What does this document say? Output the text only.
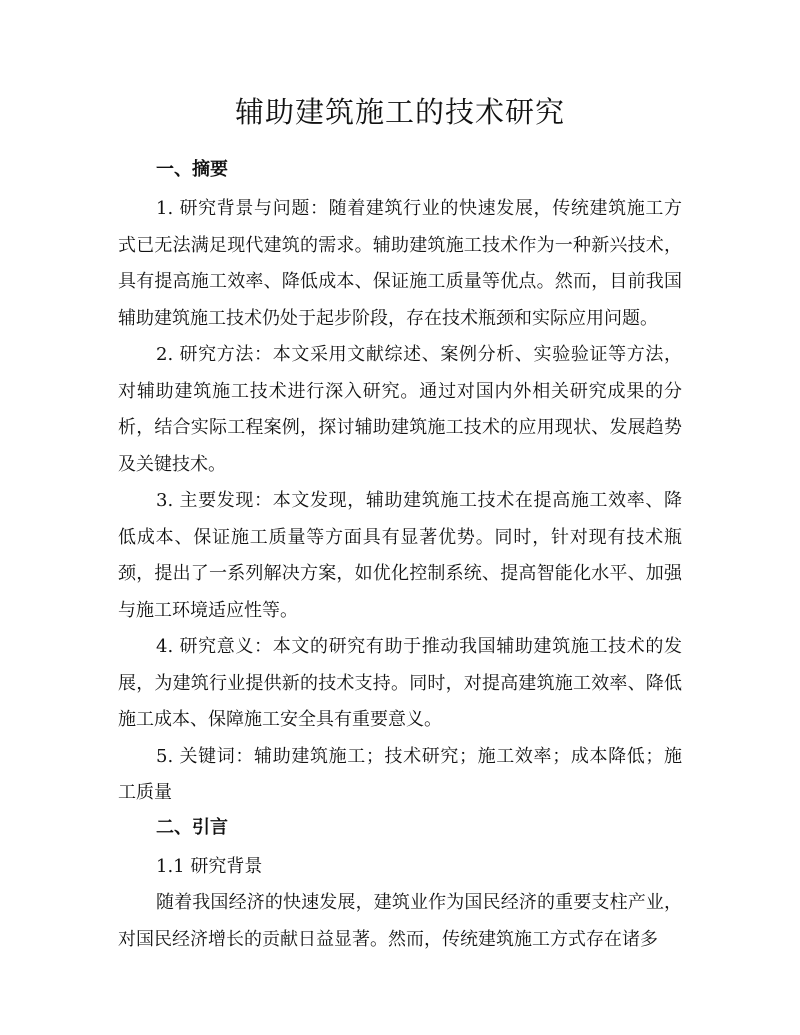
辅助建筑施工的技术研究
一、摘要

1. 研究背景与问题：随着建筑行业的快速发展，传统建筑施工方式已无法满足现代建筑的需求。辅助建筑施工技术作为一种新兴技术，具有提高施工效率、降低成本、保证施工质量等优点。然而，目前我国辅助建筑施工技术仍处于起步阶段，存在技术瓶颈和实际应用问题。

2. 研究方法：本文采用文献综述、案例分析、实验验证等方法，对辅助建筑施工技术进行深入研究。通过对国内外相关研究成果的分析，结合实际工程案例，探讨辅助建筑施工技术的应用现状、发展趋势及关键技术。

3. 主要发现：本文发现，辅助建筑施工技术在提高施工效率、降低成本、保证施工质量等方面具有显著优势。同时，针对现有技术瓶颈，提出了一系列解决方案，如优化控制系统、提高智能化水平、加强与施工环境适应性等。

4. 研究意义：本文的研究有助于推动我国辅助建筑施工技术的发展，为建筑行业提供新的技术支持。同时，对提高建筑施工效率、降低施工成本、保障施工安全具有重要意义。

5. 关键词：辅助建筑施工；技术研究；施工效率；成本降低；施工质量

二、引言

1.1 研究背景

随着我国经济的快速发展，建筑业作为国民经济的重要支柱产业，对国民经济增长的贡献日益显著。然而，传统建筑施工方式存在诸多
